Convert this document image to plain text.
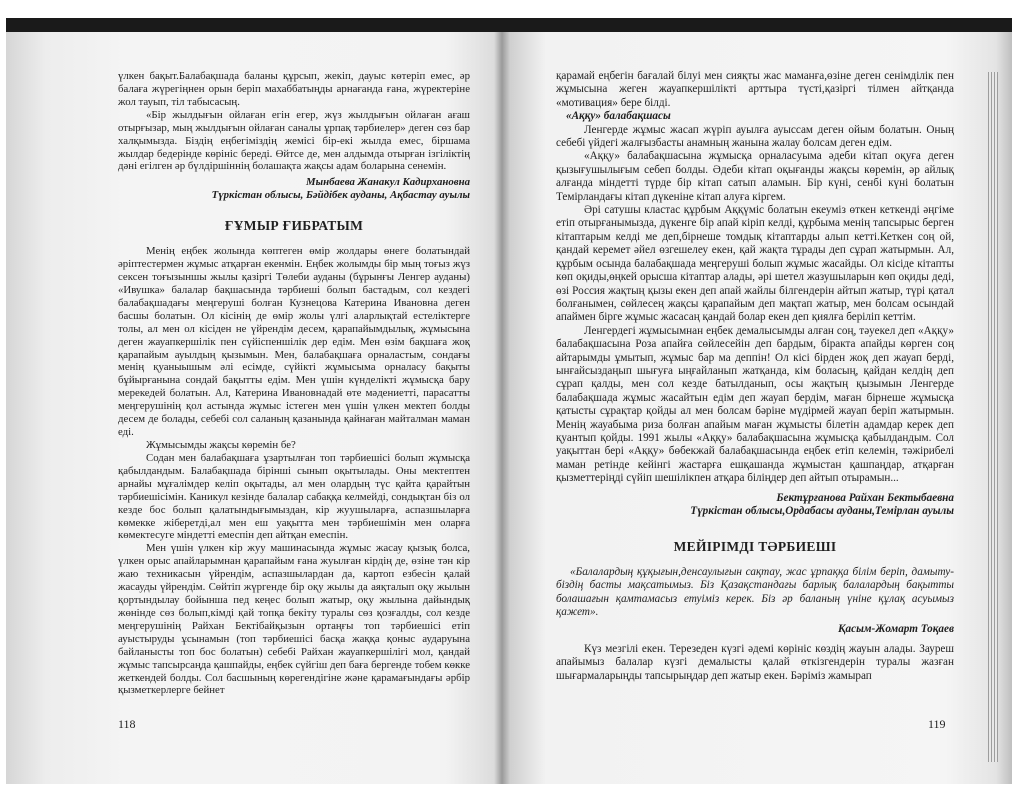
үлкен бақыт.Балабақшада баланы құрсып, жекіп, дауыс көтеріп емес, әр балаға жүрегіңнен орын беріп махаббатыңды арнағанда ғана, жүректеріне жол тауып, тіл табысасың.

«Бір жылдығын ойлаған егін егер, жүз жылдығын ойлаған ағаш отырғызар, мың жылдығын ойлаған саналы ұрпақ тәрбиелер» деген сөз бар халқымызда. Біздің еңбегіміздің жемісі бір-екі жылда емес, біршама жылдар бедерінде көрініс береді. Өйтсе де, мен алдымда отырған ізгіліктің дәні егілген әр бүлдіршіннің болашақта жақсы адам боларына сенемін.

Мынбаева Жанакул Кадирхановна

Түркістан облысы, Бәйдібек ауданы, Ақбастау ауылы

ҒҰМЫР ҒИБРАТЫМ

Менің еңбек жолында көптеген өмір жолдары өнеге болатындай әріптестермен жұмыс атқарған екенмін. Еңбек жолымды бір мың тоғыз жүз сексен тоғызыншы жылы қазіргі Төлеби ауданы (бұрынғы Ленгер ауданы) «Ивушка» балалар бақшасында тәрбиеші болып бастадым, сол кездегі балабақшадағы меңгеруші болған Кузнецова Катерина Ивановна деген басшы болатын. Ол кісінің де өмір жолы үлгі аларлықтай естеліктерге толы, ал мен ол кісіден не үйрендім десем, қарапайымдылық, жұмысына деген жауапкершілік пен сүйіспеншілік дер едім. Мен өзім бақшаға жоқ қарапайым ауылдың қызымын. Мен, балабақшаға орналастым, сондағы менің қуаныышым әлі есімде, сүйікті жұмысыма орналасу бақыты бұйырғанына сондай бақытты едім. Мен үшін күнделікті жұмысқа бару мерекедей болатын. Ал, Катерина Ивановнадай өте мәдениетті, парасатты меңгерушінің қол астында жұмыс істеген мен үшін үлкен мектеп болды десем де болады, себебі сол саланың қазанында қайнаған майталман маман еді.

Жұмысымды жақсы көремін бе?

Содан мен балабақшаға ұзартылған топ тәрбиешісі болып жұмысқа қабылдандым. Балабақшада бірінші сынып оқытылады. Оны мектептен арнайы мұғалімдер келіп оқытады, ал мен олардың түс қайта қарайтын тәрбиешісімін. Каникул кезінде балалар сабаққа келмейді, сондықтан біз ол кезде бос болып қалатындығымыздан, кір жуушыларға, аспазшыларға көмекке жіберетді,ал мен еш уақытта мен тәрбиешімін мен оларға көмектесуге міндетті емеспін деп айтқан емеспін.

Мен үшін үлкен кір жуу машинасында жұмыс жасау қызық болса, үлкен орыс апайларымнан қарапайым ғана жуылған кірдің де, өзіне тән кір жаю техникасын үйрендім, аспазшылардан да, картоп езбесін қалай жасауды үйрендім. Сөйтіп жүргенде бір оқу жылы да аяқталып оқу жылын қортындылау бойынша пед кеңес болып жатыр, оқу жылына дайындық жөнінде сөз болып,кімді қай топқа бекіту туралы сөз қозғалды, сол кезде меңгерушінің Райхан Бектібайқызын ортаңғы топ тәрбиешісі етіп ауыстыруды ұсынамын (топ тәрбиешісі басқа жаққа қоныс аударуына байланысты топ бос болатын) себебі Райхан жауапкершілігі мол, қандай жұмыс тапсырсаңда қашпайды, еңбек сүйгіш деп баға бергенде тобем көкке жеткендей болды. Сол басшының көрегендігіне және қарамағындағы әрбір қызметкерлерге бейнет

қарамай еңбегін бағалай білуі мен сияқты жас маманға,өзіне деген сенімділік пен жұмысына жеген жауапкершілікті арттыра түсті,қазіргі тілмен айтқанда «мотивация» бере білді.

«Аққу» балабақшасы

Ленгерде жұмыс жасап жүріп ауылға ауыссам деген ойым болатын. Оның себебі үйдегі жалғызбасты анамның жанына жалау болсам деген едім.

«Аққу» балабақшасына жұмысқа орналасуыма әдеби кітап оқуға деген қызығушылығым себеп болды. Әдеби кітап оқығанды жақсы көремін, әр айлық алғанда міндетті түрде бір кітап сатып аламын. Бір күні, сенбі күні болатын Темірландағы кітап дүкеніне кітап алуға кіргем.

Әрі сатушы кластас құрбым Аққүміс болатын екеуміз өткен кеткенді әңгіме етіп отырғанымызда, дүкенге бір апай кіріп келді, құрбыма менің тапсырыс берген кітаптарым келді ме деп,бірнеше томдық кітаптарды алып кетті.Кеткен соң ой, қандай керемет әйел өзгешелеу екен, қай жақта тұрады деп сұрап жатырмын. Ал, құрбым осында балабақшада меңгеруші болып жұмыс жасайды. Ол кісіде кітапты көп оқиды,өңкей орысша кітаптар алады, әрі шетел жазушыларын көп оқиды деді, өзі Россия жақтың қызы екен деп апай жайлы білгендерін айтып жатыр, түрі қатал болғанымен, сөйлесең жақсы қарапайым деп мақтап жатыр, мен болсам осындай апаймен бірге жұмыс жасасаң қандай болар екен деп қиялға беріліп кеттім.

Ленгердегі жұмысымнан еңбек демалысымды алған соң, тәуекел деп «Аққу» балабақшасына Роза апайға сөйлесейін деп бардым, біракта апайды көрген соң айтарымды ұмытып, жұмыс бар ма деппін! Ол кісі бірден жоқ деп жауап берді, ынғайсыздаңып шығуға ыңғайланып жатқанда, кім боласың, қайдан келдің деп сұрап қалды, мен сол кезде батылданып, осы жақтың қызымын Ленгерде балабақшада жұмыс жасайтын едім деп жауап бердім, маған бірнеше жұмысқа қатысты сұрақтар қойды ал мен болсам бәріне мүдірмей жауап беріп жатырмын. Менің жауабыма риза болған апайым маған жұмысты білетін адамдар керек деп қуантып қойды. 1991 жылы «Аққу» балабақшасына жұмысқа қабылдандым. Сол уақыттан бері «Аққу» бөбекжай балабақшасында еңбек етіп келемін, тәжірибелі маман ретінде кейінгі жастарға ешқашанда жұмыстан қашпаңдар, атқарған қызметтеріңді сүйіп шешілікпен атқара біліңдер деп айтып отырамын...

Бектұрғанова Райхан Бектыбаевна

Түркістан облысы,Ордабасы ауданы,Темірлан ауылы

МЕЙІРІМДІ ТӘРБИЕШІ

«Балалардың құқығын,денсаулығын сақтау, жас ұрпаққа білім беріп, дамыту-біздің басты мақсатымыз. Біз Қазақстандағы барлық балалардың бақытты болашағын қамтамасыз етуіміз керек. Біз әр баланың үніне құлақ асуымыз қажет».

Қасым-Жомарт Тоқаев

Күз мезгілі екен. Терезеден күзгі әдемі көрініс көздің жауын алады. Зауреш апайымыз балалар күзгі демалысты қалай өткізгендерін туралы жазған шығармаларыңды тапсырыңдар деп жатыр екен. Бәріміз жамырап

118	119
